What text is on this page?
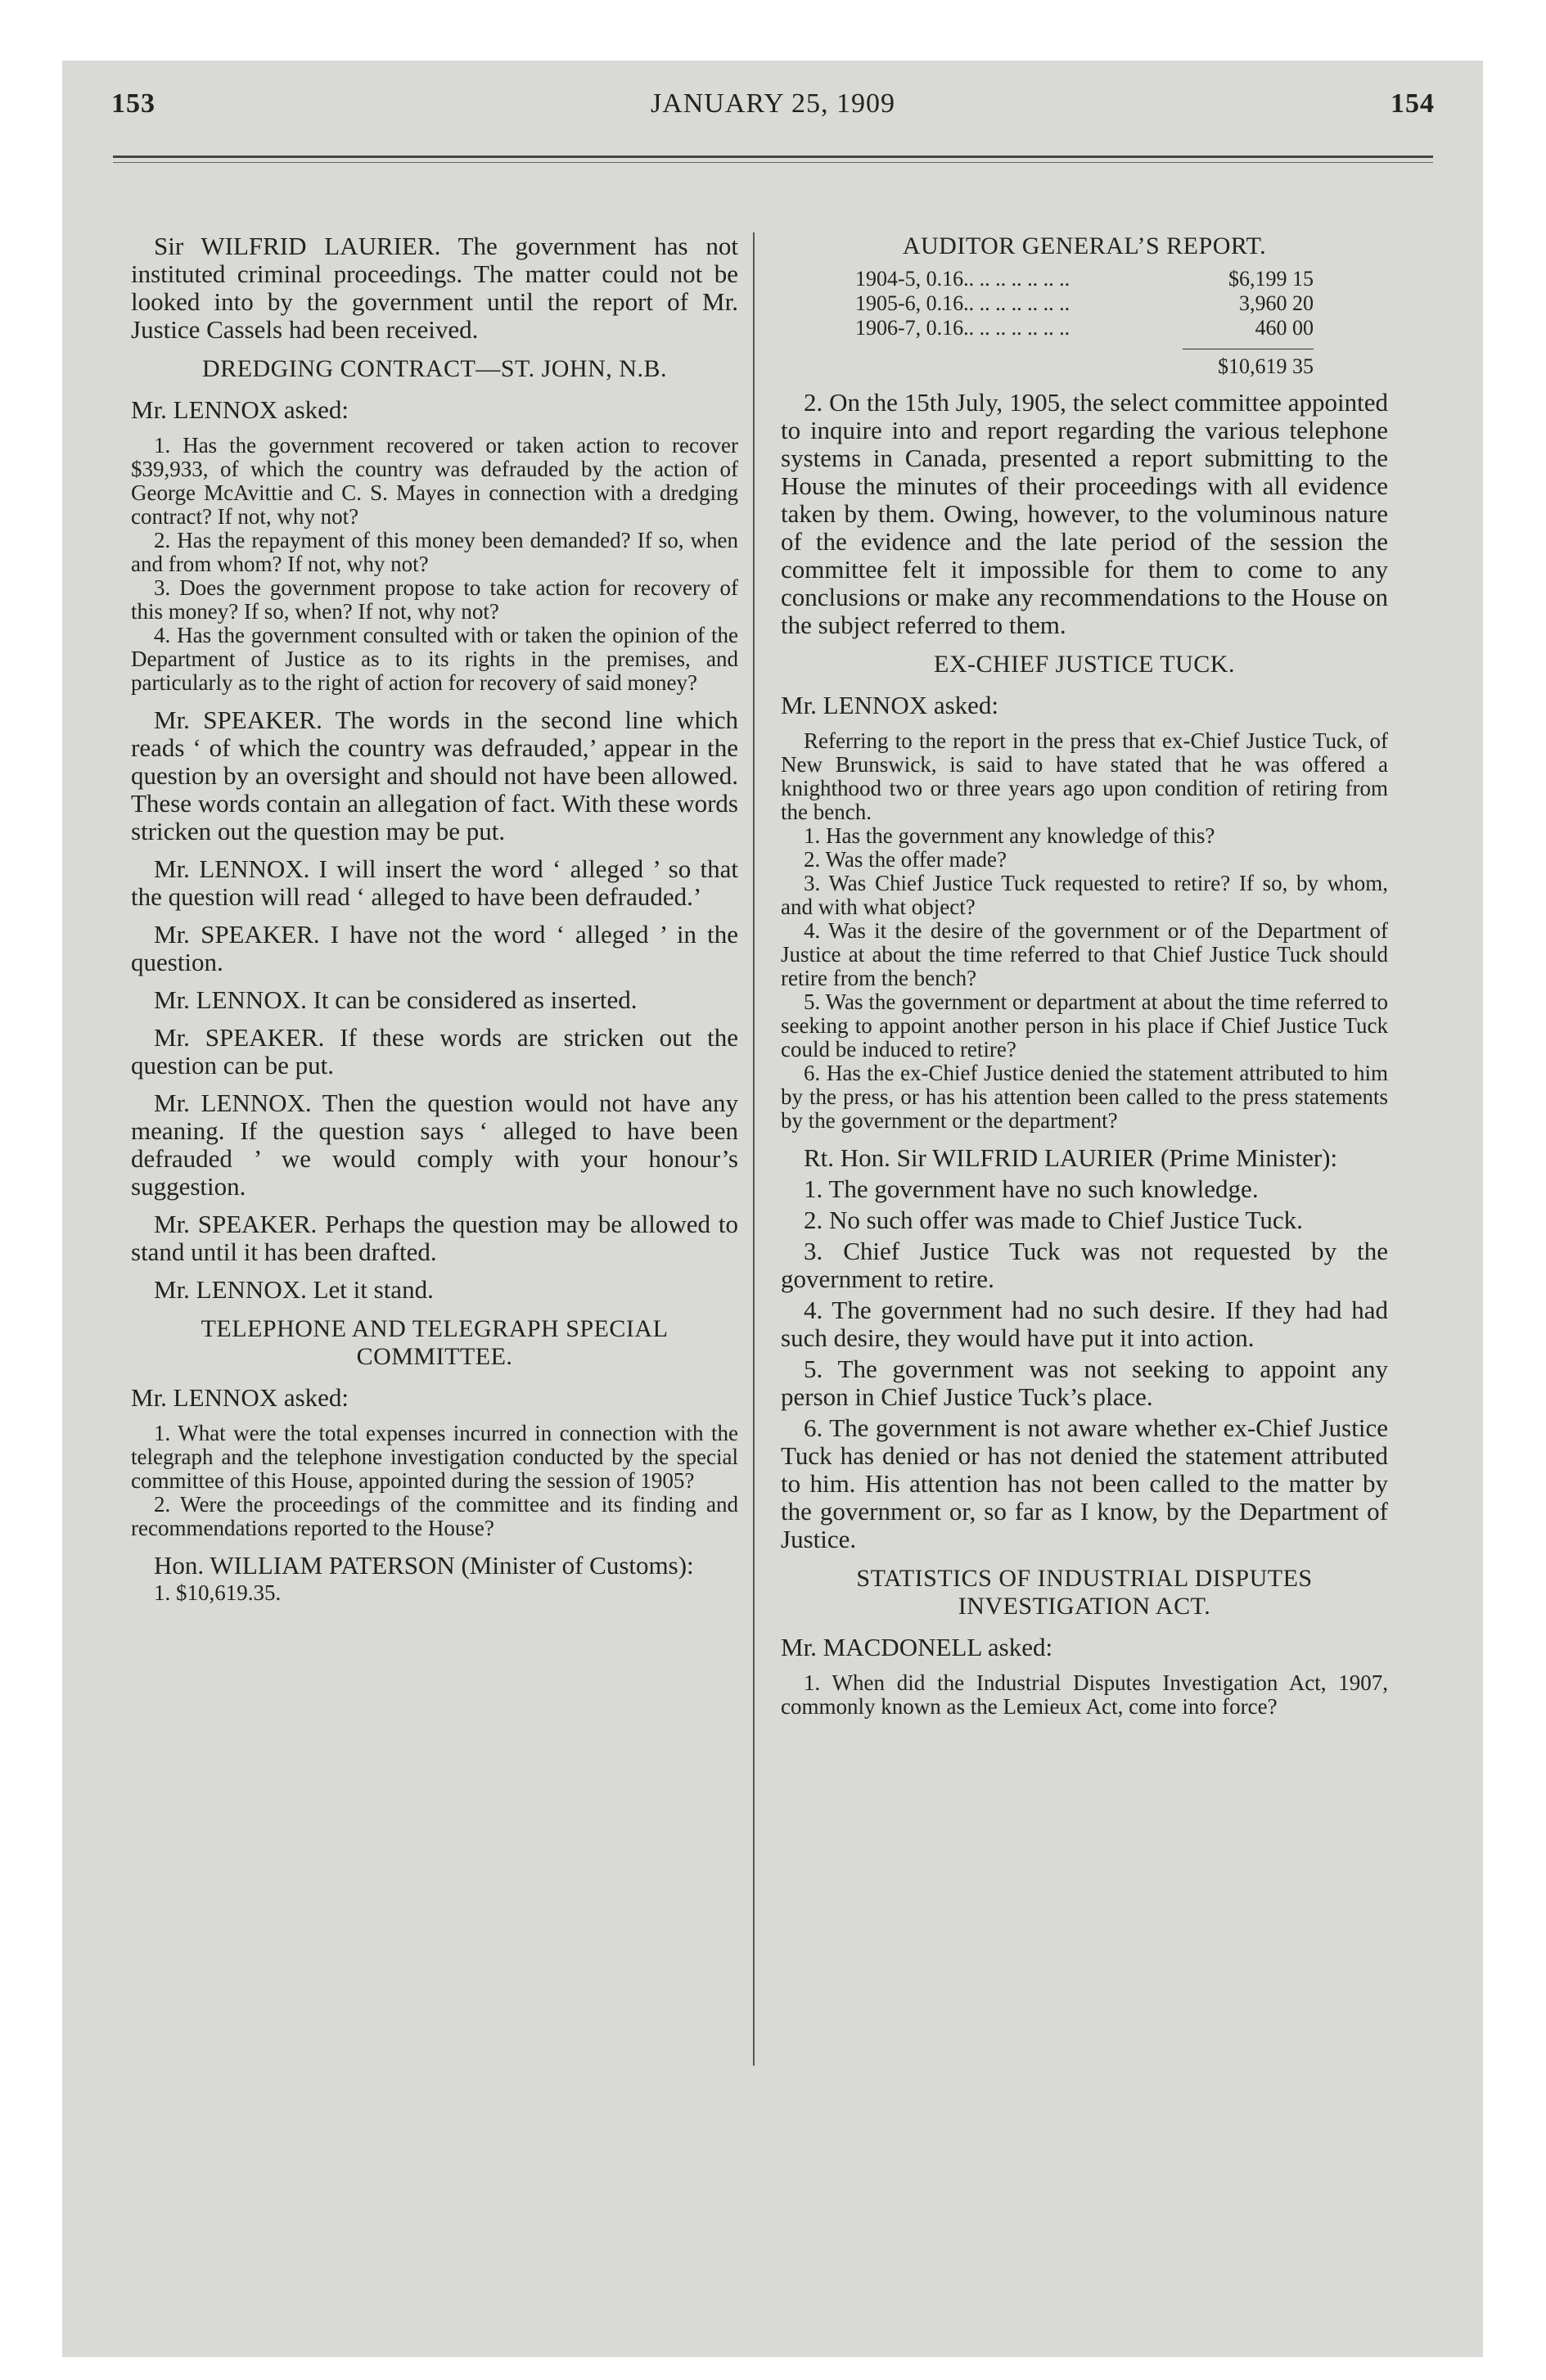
153	JANUARY 25, 1909	154

Sir WILFRID LAURIER. The government has not instituted criminal proceedings. The matter could not be looked into by the government until the report of Mr. Justice Cassels had been received.

DREDGING CONTRACT—ST. JOHN, N.B.
Mr. LENNOX asked:

1. Has the government recovered or taken action to recover $39,933, of which the country was defrauded by the action of George McAvittie and C. S. Mayes in connection with a dredging contract? If not, why not?

2. Has the repayment of this money been demanded? If so, when and from whom? If not, why not?

3. Does the government propose to take action for recovery of this money? If so, when? If not, why not?

4. Has the government consulted with or taken the opinion of the Department of Justice as to its rights in the premises, and particularly as to the right of action for recovery of said money?

Mr. SPEAKER. The words in the second line which reads ‘ of which the country was defrauded,’ appear in the question by an oversight and should not have been allowed. These words contain an allegation of fact. With these words stricken out the question may be put.

Mr. LENNOX. I will insert the word ‘ alleged ’ so that the question will read ‘ alleged to have been defrauded.’

Mr. SPEAKER. I have not the word ‘ alleged ’ in the question.

Mr. LENNOX. It can be considered as inserted.

Mr. SPEAKER. If these words are stricken out the question can be put.

Mr. LENNOX. Then the question would not have any meaning. If the question says ‘ alleged to have been defrauded ’ we would comply with your honour’s suggestion.

Mr. SPEAKER. Perhaps the question may be allowed to stand until it has been drafted.

Mr. LENNOX. Let it stand.

TELEPHONE AND TELEGRAPH SPECIAL COMMITTEE.
Mr. LENNOX asked:

1. What were the total expenses incurred in connection with the telegraph and the telephone investigation conducted by the special committee of this House, appointed during the session of 1905?

2. Were the proceedings of the committee and its finding and recommendations reported to the House?

Hon. WILLIAM PATERSON (Minister of Customs):

1. $10,619.35.

AUDITOR GENERAL’S REPORT.
1904-5, 0.16.. .. .. .. .. .. ..	$6,199 15
1905-6, 0.16.. .. .. .. .. .. ..	3,960 20
1906-7, 0.16.. .. .. .. .. .. ..	460 00
$10,619 35

2. On the 15th July, 1905, the select committee appointed to inquire into and report regarding the various telephone systems in Canada, presented a report submitting to the House the minutes of their proceedings with all evidence taken by them. Owing, however, to the voluminous nature of the evidence and the late period of the session the committee felt it impossible for them to come to any conclusions or make any recommendations to the House on the subject referred to them.

EX-CHIEF JUSTICE TUCK.
Mr. LENNOX asked:

Referring to the report in the press that ex-Chief Justice Tuck, of New Brunswick, is said to have stated that he was offered a knighthood two or three years ago upon condition of retiring from the bench.

1. Has the government any knowledge of this?

2. Was the offer made?

3. Was Chief Justice Tuck requested to retire? If so, by whom, and with what object?

4. Was it the desire of the government or of the Department of Justice at about the time referred to that Chief Justice Tuck should retire from the bench?

5. Was the government or department at about the time referred to seeking to appoint another person in his place if Chief Justice Tuck could be induced to retire?

6. Has the ex-Chief Justice denied the statement attributed to him by the press, or has his attention been called to the press statements by the government or the department?

Rt. Hon. Sir WILFRID LAURIER (Prime Minister):

1. The government have no such knowledge.

2. No such offer was made to Chief Justice Tuck.

3. Chief Justice Tuck was not requested by the government to retire.

4. The government had no such desire. If they had had such desire, they would have put it into action.

5. The government was not seeking to appoint any person in Chief Justice Tuck’s place.

6. The government is not aware whether ex-Chief Justice Tuck has denied or has not denied the statement attributed to him. His attention has not been called to the matter by the government or, so far as I know, by the Department of Justice.

STATISTICS OF INDUSTRIAL DISPUTES INVESTIGATION ACT.
Mr. MACDONELL asked:

1. When did the Industrial Disputes Investigation Act, 1907, commonly known as the Lemieux Act, come into force?
